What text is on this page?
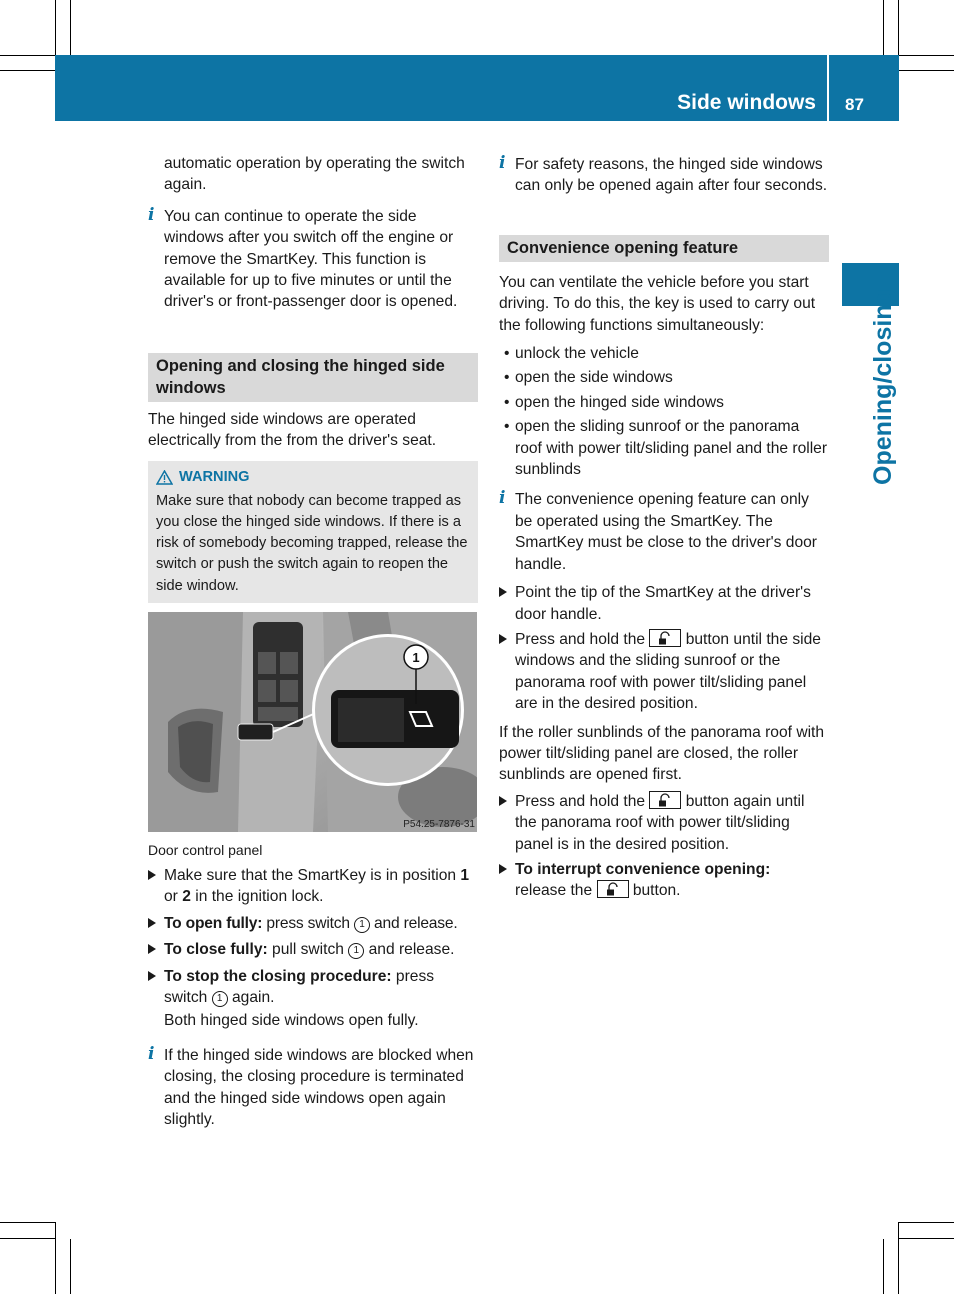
Side windows 87
Opening/closing

automatic operation by operating the switch again.

i You can continue to operate the side windows after you switch off the engine or remove the SmartKey. This function is available for up to five minutes or until the driver's or front-passenger door is opened.

Opening and closing the hinged side windows

The hinged side windows are operated electrically from the from the driver's seat.

WARNING

Make sure that nobody can become trapped as you close the hinged side windows. If there is a risk of somebody becoming trapped, release the switch or push the switch again to reopen the side window.

1
P54.25-7876-31

Door control panel

Make sure that the SmartKey is in position 1 or 2 in the ignition lock.

To open fully: press switch 1 and release.

To close fully: pull switch 1 and release.

To stop the closing procedure: press switch 1 again.

Both hinged side windows open fully.

i If the hinged side windows are blocked when closing, the closing procedure is terminated and the hinged side windows open again slightly.

i For safety reasons, the hinged side windows can only be opened again after four seconds.

Convenience opening feature

You can ventilate the vehicle before you start driving. To do this, the key is used to carry out the following functions simultaneously:

• unlock the vehicle

• open the side windows

• open the hinged side windows

• open the sliding sunroof or the panorama roof with power tilt/sliding panel and the roller sunblinds

i The convenience opening feature can only be operated using the SmartKey. The SmartKey must be close to the driver's door handle.

Point the tip of the SmartKey at the driver's door handle.

Press and hold the  button until the side windows and the sliding sunroof or the panorama roof with power tilt/sliding panel are in the desired position.

If the roller sunblinds of the panorama roof with power tilt/sliding panel are closed, the roller sunblinds are opened first.

Press and hold the  button again until the panorama roof with power tilt/sliding panel is in the desired position.

To interrupt convenience opening:
release the  button.
